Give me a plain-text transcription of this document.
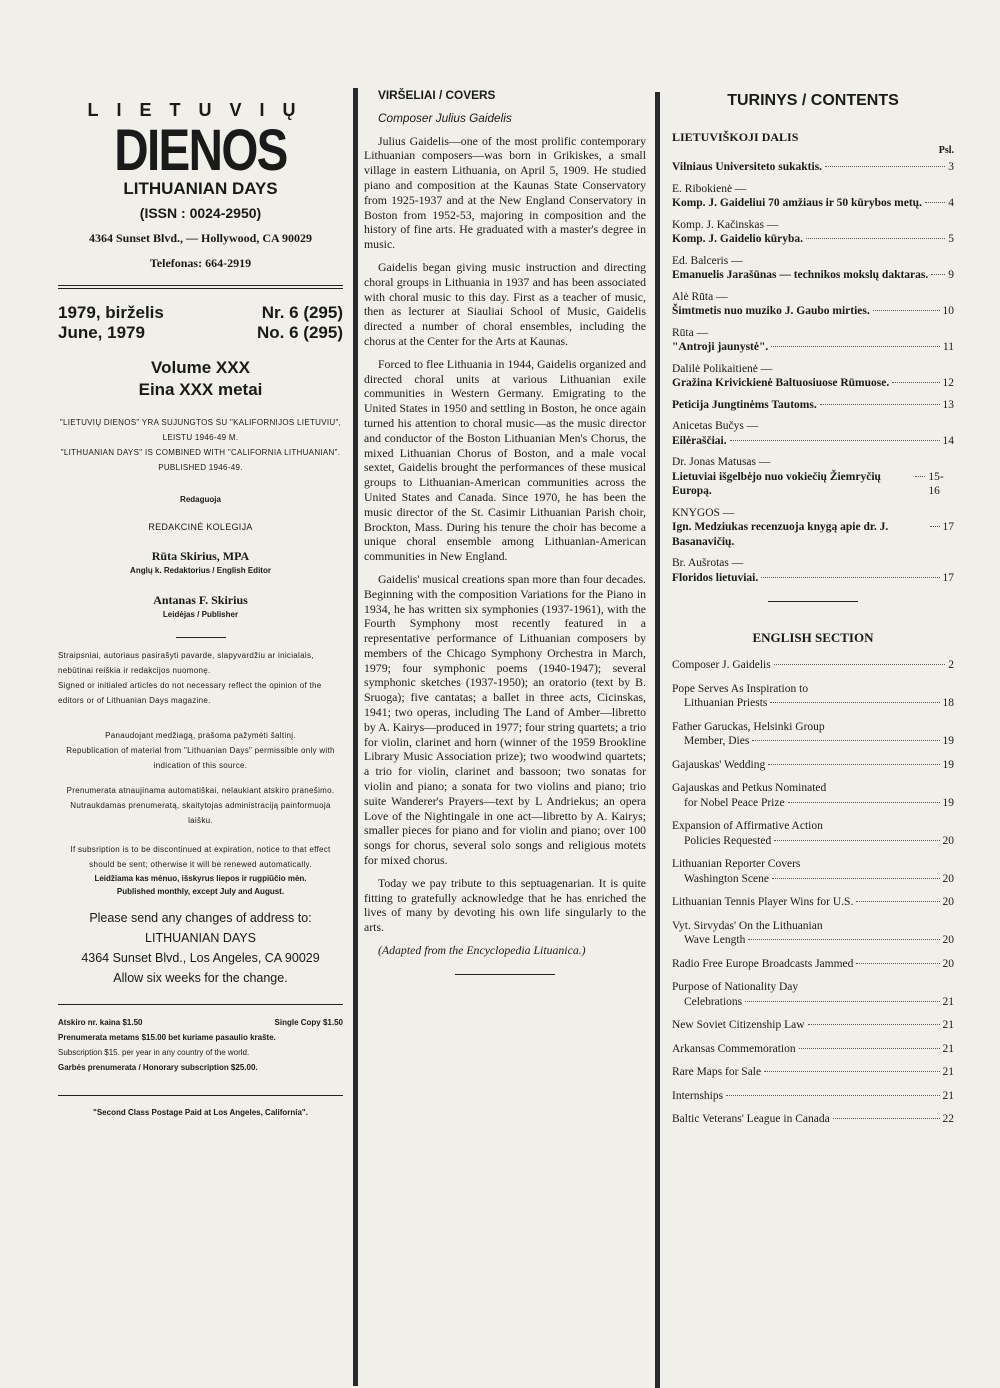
LIETUVIŲ

DIENOS

LITHUANIAN DAYS

(ISSN : 0024-2950)

4364 Sunset Blvd., — Hollywood, CA 90029

Telefonas: 664-2919

1979, birželis	Nr. 6 (295)
June, 1979	No. 6 (295)
Volume XXX
Eina XXX metai

"LIETUVIŲ DIENOS" YRA SUJUNGTOS SU "KALIFORNIJOS LIETUVIU", LEISTU 1946-49 M.

"LITHUANIAN DAYS" IS COMBINED WITH "CALIFORNIA LITHUANIAN". PUBLISHED 1946-49.

Redaguoja

REDAKCINĖ KOLEGIJA

Rūta Skirius, MPA

Anglų k. Redaktorius / English Editor

Antanas F. Skirius

Leidėjas / Publisher

Straipsniai, autoriaus pasirašyti pavarde, slapyvardžiu ar inicialais, nebūtinai reiškia ir redakcijos nuomonę.

Signed or initialed articles do not necessary reflect the opinion of the editors or of Lithuanian Days magazine.

Panaudojant medžiagą, prašoma pažymėti šaltinį.

Republication of material from "Lithuanian Days" permissible only with indication of this source.

Prenumerata atnaujinama automatiškai, nelaukiant atskiro pranešimo. Nutraukdamas prenumeratą, skaitytojas administraciją painformuoja laišku.

If subsription is to be discontinued at expiration, notice to that effect should be sent; otherwise it will be renewed automatically.

Leidžiama kas mėnuo, išskyrus liepos ir rugpiūčio mėn.

Published monthly, except July and August.

Please send any changes of address to:
LITHUANIAN DAYS
4364 Sunset Blvd., Los Angeles, CA 90029
Allow six weeks for the change.
Atskiro nr. kaina $1.50	Single Copy $1.50

Prenumerata metams $15.00 bet kuriame pasaulio krašte.

Subscription $15. per year in any country of the world.

Garbės prenumerata / Honorary subscription $25.00.

"Second Class Postage Paid at Los Angeles, California".

VIRŠELIAI / COVERS

Composer Julius Gaidelis

Julius Gaidelis—one of the most prolific contemporary Lithuanian composers—was born in Grikiskes, a small village in eastern Lithuania, on April 5, 1909. He studied piano and composition at the Kaunas State Conservatory from 1925-1937 and at the New England Conservatory in Boston from 1952-53, majoring in composition and the history of fine arts. He graduated with a master's degree in music.

Gaidelis began giving music instruction and directing choral groups in Lithuania in 1937 and has been associated with choral music to this day. First as a teacher of music, then as lecturer at Siauliai School of Music, Gaidelis directed a number of choral ensembles, including the chorus at the Center for the Arts at Kaunas.

Forced to flee Lithuania in 1944, Gaidelis organized and directed choral units at various Lithuanian exile communities in Western Germany. Emigrating to the United States in 1950 and settling in Boston, he once again turned his attention to choral music—as the music director and conductor of the Boston Lithuanian Men's Chorus, the mixed Lithuanian Chorus of Boston, and a male vocal sextet, Gaidelis brought the performances of these musical groups to Lithuanian-American communities across the United States and Canada. Since 1970, he has been the music director of the St. Casimir Lithuanian Parish choir, Brockton, Mass. During his tenure the choir has become a unique choral ensemble among Lithuanian-American communities in New England.

Gaidelis' musical creations span more than four decades. Beginning with the composition Variations for the Piano in 1934, he has written six symphonies (1937-1961), with the Fourth Symphony most recently featured in a representative performance of Lithuanian composers by members of the Chicago Symphony Orchestra in March, 1979; four symphonic poems (1940-1947); several symphonic sketches (1937-1950); an oratorio (text by B. Sruoga); five cantatas; a ballet in three acts, Cicinskas, 1941; two operas, including The Land of Amber—libretto by A. Kairys—produced in 1977; four string quartets; a trio for violin, clarinet and horn (winner of the 1959 Brookline Library Music Association prize); two woodwind quartets; a trio for violin, clarinet and bassoon; two sonatas for violin and piano; a sonata for two violins and piano; trio suite Wanderer's Prayers—text by L Andriekus; an opera Love of the Nightingale in one act—libretto by A. Kairys; smaller pieces for piano and for violin and piano; over 100 songs for chorus, several solo songs and religious motets for mixed chorus.

Today we pay tribute to this septuagenarian. It is quite fitting to gratefully acknowledge that he has enriched the lives of many by devoting his own life singularly to the arts.

(Adapted from the Encyclopedia Lituanica.)

TURINYS / CONTENTS

LIETUVIŠKOJI DALIS

Psl.

Vilniaus Universiteto sukaktis.	3
E. Ribokienė —
Komp. J. Gaideliui 70 amžiaus ir 50 kūrybos metų. 4
Komp. J. Kačinskas —
Komp. J. Gaidelio kūryba.	5
Ed. Balceris —
Emanuelis Jarašūnas — technikos mokslų daktaras. 9
Alė Rūta —
Šimtmetis nuo muziko J. Gaubo mirties.	10
Rūta —
"Antroji jaunystė".	11
Dalilė Polikaitienė —
Gražina Krivickienė Baltuosiuose Rūmuose.	12
Peticija Jungtinėms Tautoms.	13
Anicetas Bučys —
Eilėraščiai.	14
Dr. Jonas Matusas —
Lietuviai išgelbėjo nuo vokiečių Žiemryčių Europą.
15-16
KNYGOS —
Ign. Medziukas recenzuoja knygą apie dr. J. Basanavičių.
17
Br. Aušrotas —
Floridos lietuviai.	17

ENGLISH SECTION

Composer J. Gaidelis	2
Pope Serves As Inspiration to
Lithuanian Priests	18
Father Garuckas, Helsinki Group
Member, Dies	19
Gajauskas' Wedding	19
Gajauskas and Petkus Nominated
for Nobel Peace Prize	19
Expansion of Affirmative Action
Policies Requested	20
Lithuanian Reporter Covers
Washington Scene	20
Lithuanian Tennis Player Wins for U.S.	20
Vyt. Sirvydas' On the Lithuanian
Wave Length	20
Radio Free Europe Broadcasts Jammed	20
Purpose of Nationality Day
Celebrations	21
New Soviet Citizenship Law	21
Arkansas Commemoration	21
Rare Maps for Sale	21
Internships	21
Baltic Veterans' League in Canada	22
